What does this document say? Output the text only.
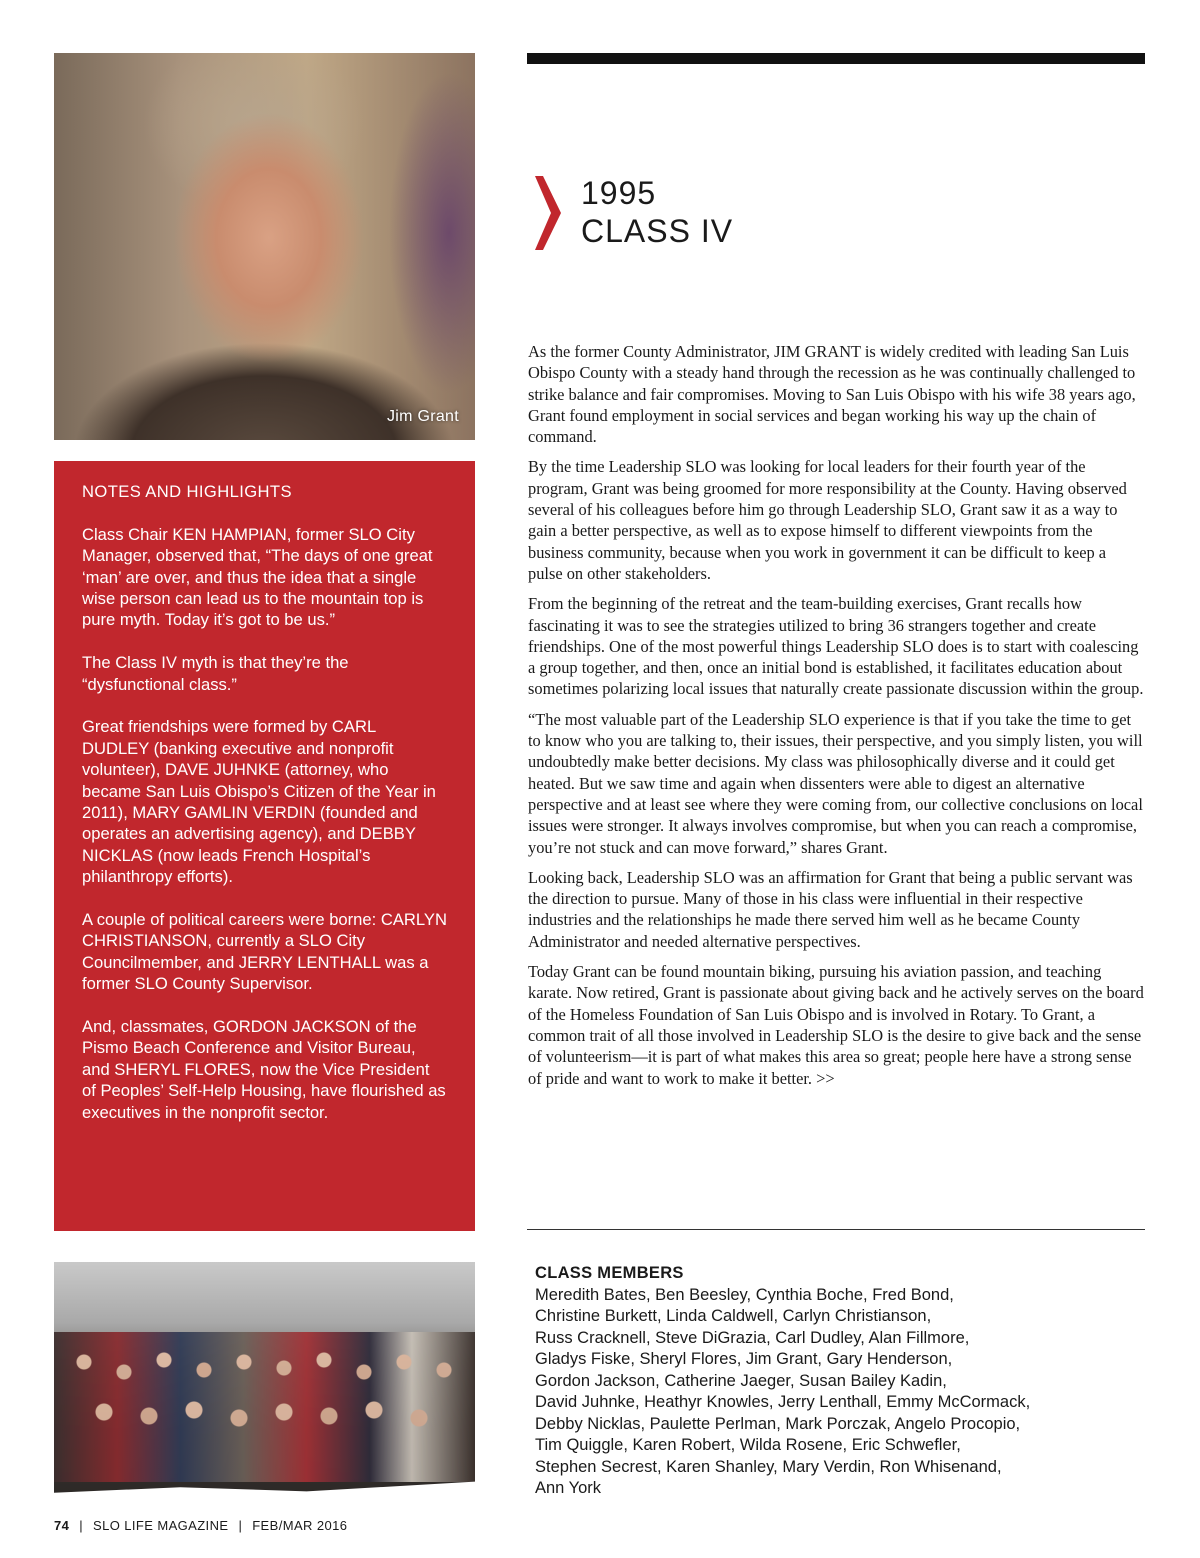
Jim Grant
1995
CLASS IV

NOTES AND HIGHLIGHTS

Class Chair KEN HAMPIAN, former SLO City Manager, observed that, “The days of one great ‘man’ are over, and thus the idea that a single wise person can lead us to the mountain top is pure myth. Today it’s got to be us.”

The Class IV myth is that they’re the “dysfunctional class.”

Great friendships were formed by CARL DUDLEY (banking executive and nonprofit volunteer), DAVE JUHNKE (attorney, who became San Luis Obispo’s Citizen of the Year in 2011), MARY GAMLIN VERDIN (founded and operates an advertising agency), and DEBBY NICKLAS (now leads French Hospital’s philanthropy efforts).

A couple of political careers were borne: CARLYN CHRISTIANSON, currently a SLO City Councilmember, and JERRY LENTHALL was a former SLO County Supervisor.

And, classmates, GORDON JACKSON of the Pismo Beach Conference and Visitor Bureau, and SHERYL FLORES, now the Vice President of Peoples’ Self-Help Housing, have flourished as executives in the nonprofit sector.

As the former County Administrator, JIM GRANT is widely credited with leading San Luis Obispo County with a steady hand through the recession as he was continually challenged to strike balance and fair compromises. Moving to San Luis Obispo with his wife 38 years ago, Grant found employment in social services and began working his way up the chain of command.

By the time Leadership SLO was looking for local leaders for their fourth year of the program, Grant was being groomed for more responsibility at the County. Having observed several of his colleagues before him go through Leadership SLO, Grant saw it as a way to gain a better perspective, as well as to expose himself to different viewpoints from the business community, because when you work in government it can be difficult to keep a pulse on other stakeholders.

From the beginning of the retreat and the team-building exercises, Grant recalls how fascinating it was to see the strategies utilized to bring 36 strangers together and create friendships. One of the most powerful things Leadership SLO does is to start with coalescing a group together, and then, once an initial bond is established, it facilitates education about sometimes polarizing local issues that naturally create passionate discussion within the group.

“The most valuable part of the Leadership SLO experience is that if you take the time to get to know who you are talking to, their issues, their perspective, and you simply listen, you will undoubtedly make better decisions. My class was philosophically diverse and it could get heated. But we saw time and again when dissenters were able to digest an alternative perspective and at least see where they were coming from, our collective conclusions on local issues were stronger. It always involves compromise, but when you can reach a compromise, you’re not stuck and can move forward,” shares Grant.

Looking back, Leadership SLO was an affirmation for Grant that being a public servant was the direction to pursue. Many of those in his class were influential in their respective industries and the relationships he made there served him well as he became County Administrator and needed alternative perspectives.

Today Grant can be found mountain biking, pursuing his aviation passion, and teaching karate. Now retired, Grant is passionate about giving back and he actively serves on the board of the Homeless Foundation of San Luis Obispo and is involved in Rotary. To Grant, a common trait of all those involved in Leadership SLO is the desire to give back and the sense of volunteerism—it is part of what makes this area so great; people here have a strong sense of pride and want to work to make it better. >>

CLASS MEMBERS
Meredith Bates, Ben Beesley, Cynthia Boche, Fred Bond,
Christine Burkett, Linda Caldwell, Carlyn Christianson,
Russ Cracknell, Steve DiGrazia, Carl Dudley, Alan Fillmore,
Gladys Fiske, Sheryl Flores, Jim Grant, Gary Henderson,
Gordon Jackson, Catherine Jaeger, Susan Bailey Kadin,
David Juhnke, Heathyr Knowles, Jerry Lenthall, Emmy McCormack,
Debby Nicklas, Paulette Perlman, Mark Porczak, Angelo Procopio,
Tim Quiggle, Karen Robert, Wilda Rosene, Eric Schwefler,
Stephen Secrest, Karen Shanley, Mary Verdin, Ron Whisenand,
Ann York
74 | SLO LIFE MAGAZINE | FEB/MAR 2016
